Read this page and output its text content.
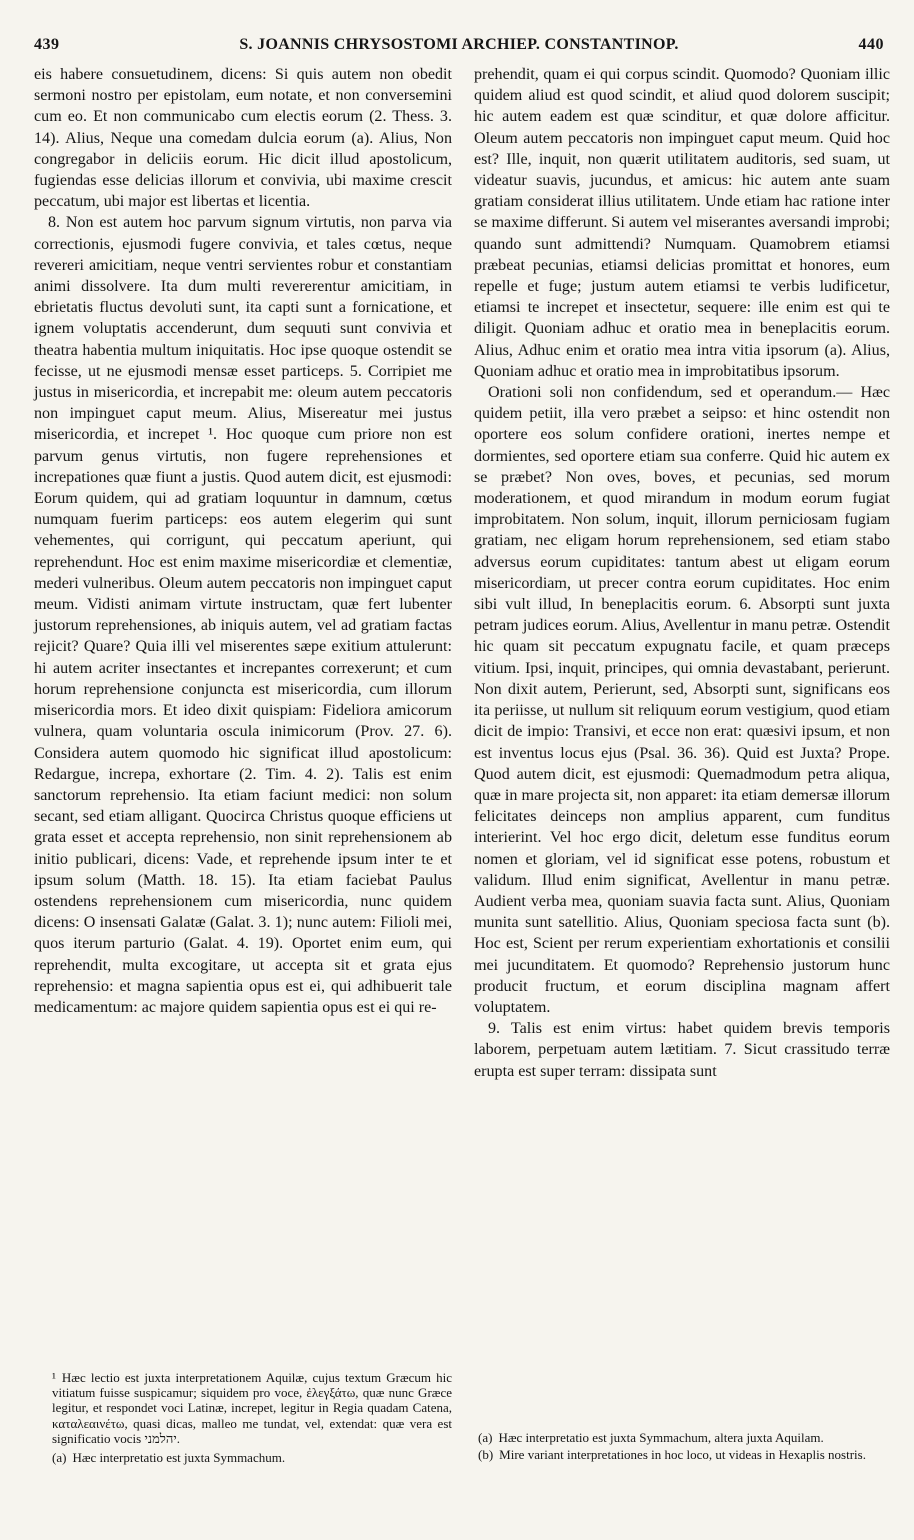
439	S. JOANNIS CHRYSOSTOMI ARCHIEP. CONSTANTINOP.	440

eis habere consuetudinem, dicens: Si quis autem non obedit sermoni nostro per epistolam, eum notate, et non conversemini cum eo. Et non communicabo cum electis eorum (2. Thess. 3. 14). Alius, Neque una comedam dulcia eorum (a). Alius, Non congregabor in deliciis eorum. Hic dicit illud apostolicum, fugiendas esse delicias illorum et convivia, ubi maxime crescit peccatum, ubi major est libertas et licentia.

8. Non est autem hoc parvum signum virtutis, non parva via correctionis, ejusmodi fugere convivia, et tales cœtus, neque revereri amicitiam, neque ventri servientes robur et constantiam animi dissolvere. Ita dum multi revererentur amicitiam, in ebrietatis fluctus devoluti sunt, ita capti sunt a fornicatione, et ignem voluptatis accenderunt, dum sequuti sunt convivia et theatra habentia multum iniquitatis. Hoc ipse quoque ostendit se fecisse, ut ne ejusmodi mensæ esset particeps. 5. Corripiet me justus in misericordia, et increpabit me: oleum autem peccatoris non impinguet caput meum. Alius, Misereatur mei justus misericordia, et increpet ¹. Hoc quoque cum priore non est parvum genus virtutis, non fugere reprehensiones et increpationes quæ fiunt a justis. Quod autem dicit, est ejusmodi: Eorum quidem, qui ad gratiam loquuntur in damnum, cœtus numquam fuerim particeps: eos autem elegerim qui sunt vehementes, qui corrigunt, qui peccatum aperiunt, qui reprehendunt. Hoc est enim maxime misericordiæ et clementiæ, mederi vulneribus. Oleum autem peccatoris non impinguet caput meum. Vidisti animam virtute instructam, quæ fert lubenter justorum reprehensiones, ab iniquis autem, vel ad gratiam factas rejicit? Quare? Quia illi vel miserentes sæpe exitium attulerunt: hi autem acriter insectantes et increpantes correxerunt; et cum horum reprehensione conjuncta est misericordia, cum illorum misericordia mors. Et ideo dixit quispiam: Fideliora amicorum vulnera, quam voluntaria oscula inimicorum (Prov. 27. 6). Considera autem quomodo hic significat illud apostolicum: Redargue, increpa, exhortare (2. Tim. 4. 2). Talis est enim sanctorum reprehensio. Ita etiam faciunt medici: non solum secant, sed etiam alligant. Quocirca Christus quoque efficiens ut grata esset et accepta reprehensio, non sinit reprehensionem ab initio publicari, dicens: Vade, et reprehende ipsum inter te et ipsum solum (Matth. 18. 15). Ita etiam faciebat Paulus ostendens reprehensionem cum misericordia, nunc quidem dicens: O insensati Galatæ (Galat. 3. 1); nunc autem: Filioli mei, quos iterum parturio (Galat. 4. 19). Oportet enim eum, qui reprehendit, multa excogitare, ut accepta sit et grata ejus reprehensio: et magna sapientia opus est ei, qui adhibuerit tale medicamentum: ac majore quidem sapientia opus est ei qui re-

prehendit, quam ei qui corpus scindit. Quomodo? Quoniam illic quidem aliud est quod scindit, et aliud quod dolorem suscipit; hic autem eadem est quæ scinditur, et quæ dolore afficitur. Oleum autem peccatoris non impinguet caput meum. Quid hoc est? Ille, inquit, non quærit utilitatem auditoris, sed suam, ut videatur suavis, jucundus, et amicus: hic autem ante suam gratiam considerat illius utilitatem. Unde etiam hac ratione inter se maxime differunt. Si autem vel miserantes aversandi improbi; quando sunt admittendi? Numquam. Quamobrem etiamsi præbeat pecunias, etiamsi delicias promittat et honores, eum repelle et fuge; justum autem etiamsi te verbis ludificetur, etiamsi te increpet et insectetur, sequere: ille enim est qui te diligit. Quoniam adhuc et oratio mea in beneplacitis eorum. Alius, Adhuc enim et oratio mea intra vitia ipsorum (a). Alius, Quoniam adhuc et oratio mea in improbitatibus ipsorum.

Orationi soli non confidendum, sed et operandum.— Hæc quidem petiit, illa vero præbet a seipso: et hinc ostendit non oportere eos solum confidere orationi, inertes nempe et dormientes, sed oportere etiam sua conferre. Quid hic autem ex se præbet? Non oves, boves, et pecunias, sed morum moderationem, et quod mirandum in modum eorum fugiat improbitatem. Non solum, inquit, illorum perniciosam fugiam gratiam, nec eligam horum reprehensionem, sed etiam stabo adversus eorum cupiditates: tantum abest ut eligam eorum misericordiam, ut precer contra eorum cupiditates. Hoc enim sibi vult illud, In beneplacitis eorum. 6. Absorpti sunt juxta petram judices eorum. Alius, Avellentur in manu petræ. Ostendit hic quam sit peccatum expugnatu facile, et quam præceps vitium. Ipsi, inquit, principes, qui omnia devastabant, perierunt. Non dixit autem, Perierunt, sed, Absorpti sunt, significans eos ita periisse, ut nullum sit reliquum eorum vestigium, quod etiam dicit de impio: Transivi, et ecce non erat: quæsivi ipsum, et non est inventus locus ejus (Psal. 36. 36). Quid est Juxta? Prope. Quod autem dicit, est ejusmodi: Quemadmodum petra aliqua, quæ in mare projecta sit, non apparet: ita etiam demersæ illorum felicitates deinceps non amplius apparent, cum funditus interierint. Vel hoc ergo dicit, deletum esse funditus eorum nomen et gloriam, vel id significat esse potens, robustum et validum. Illud enim significat, Avellentur in manu petræ. Audient verba mea, quoniam suavia facta sunt. Alius, Quoniam munita sunt satellitio. Alius, Quoniam speciosa facta sunt (b). Hoc est, Scient per rerum experientiam exhortationis et consilii mei jucunditatem. Et quomodo? Reprehensio justorum hunc producit fructum, et eorum disciplina magnam affert voluptatem.

9. Talis est enim virtus: habet quidem brevis temporis laborem, perpetuam autem lætitiam. 7. Sicut crassitudo terræ erupta est super terram: dissipata sunt

¹ Hæc lectio est juxta interpretationem Aquilæ, cujus textum Græcum hic vitiatum fuisse suspicamur; siquidem pro voce, ἐλεγξάτω, quæ nunc Græce legitur, et respondet voci Latinæ, increpet, legitur in Regia quadam Catena, καταλεαινέτω, quasi dicas, malleo me tundat, vel, extendat: quæ vera est significatio vocis יהלמני.

(a) Hæc interpretatio est juxta Symmachum.

(a) Hæc interpretatio est juxta Symmachum, altera juxta Aquilam.

(b) Mire variant interpretationes in hoc loco, ut videas in Hexaplis nostris.
